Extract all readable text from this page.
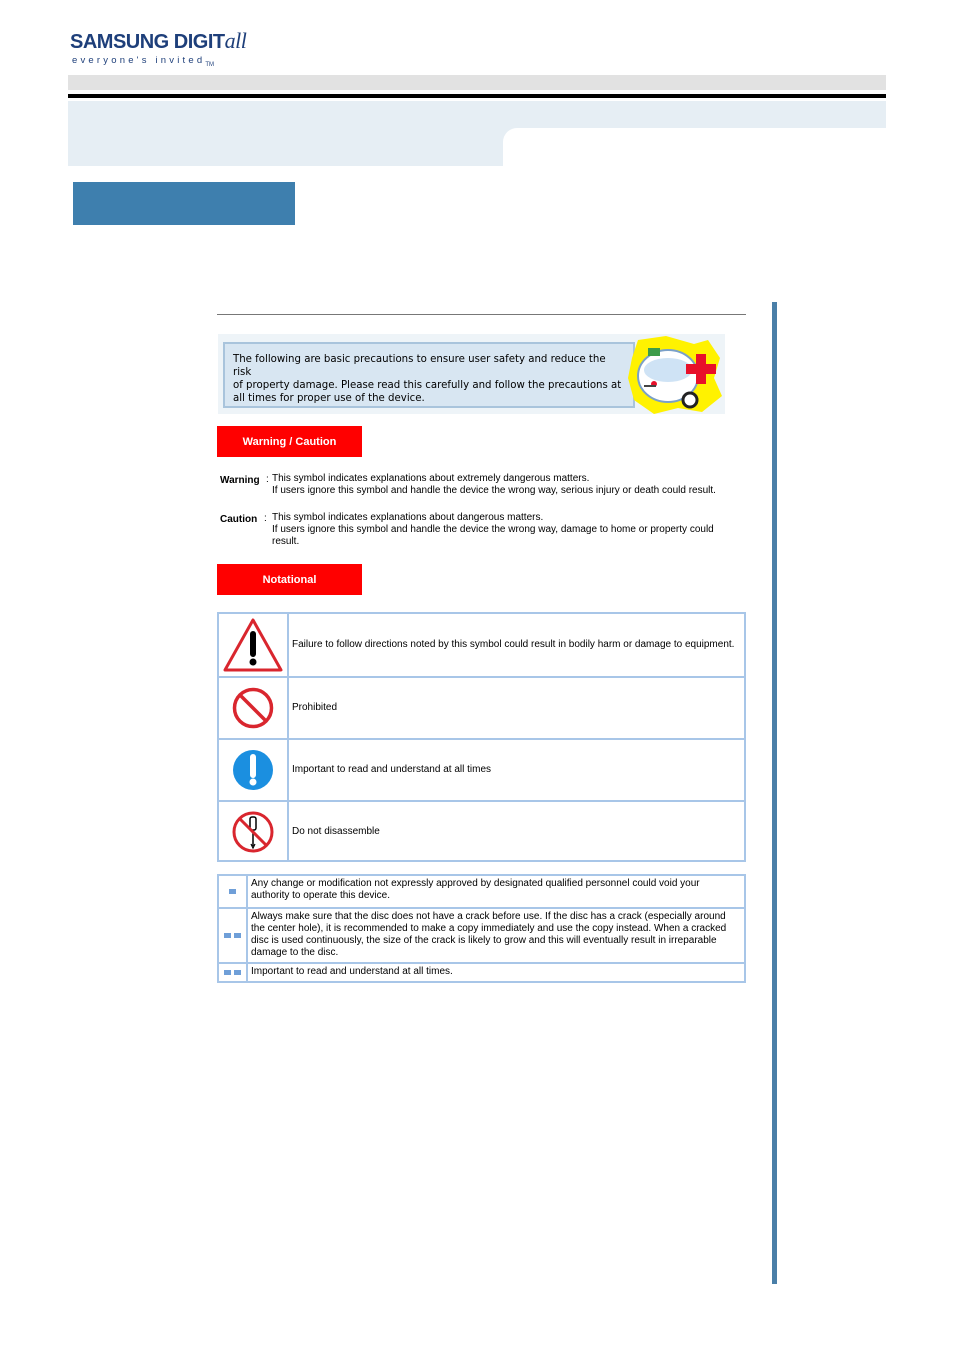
SAMSUNG DIGITall
everyone's invited$_{TM}$
The following are basic precautions to ensure user safety and reduce the risk
of property damage. Please read this carefully and follow the precautions at
all times for proper use of the device.
Warning / Caution
Warning : This symbol indicates explanations about extremely dangerous matters.
If users ignore this symbol and handle the device the wrong way, serious injury or death could result.
Caution : This symbol indicates explanations about dangerous matters.
If users ignore this symbol and handle the device the wrong way, damage to home or property could result.
Notational
Failure to follow directions noted by this symbol could result in bodily harm or damage to equipment.
Prohibited
Important to read and understand at all times
Do not disassemble
Any change or modification not expressly approved by designated qualified personnel could void your authority to operate this device.
Always make sure that the disc does not have a crack before use. If the disc has a crack (especially around the center hole), it is recommended to make a copy immediately and use the copy instead. When a cracked disc is used continuously, the size of the crack is likely to grow and this will eventually result in irreparable damage to the disc.
Important to read and understand at all times.
